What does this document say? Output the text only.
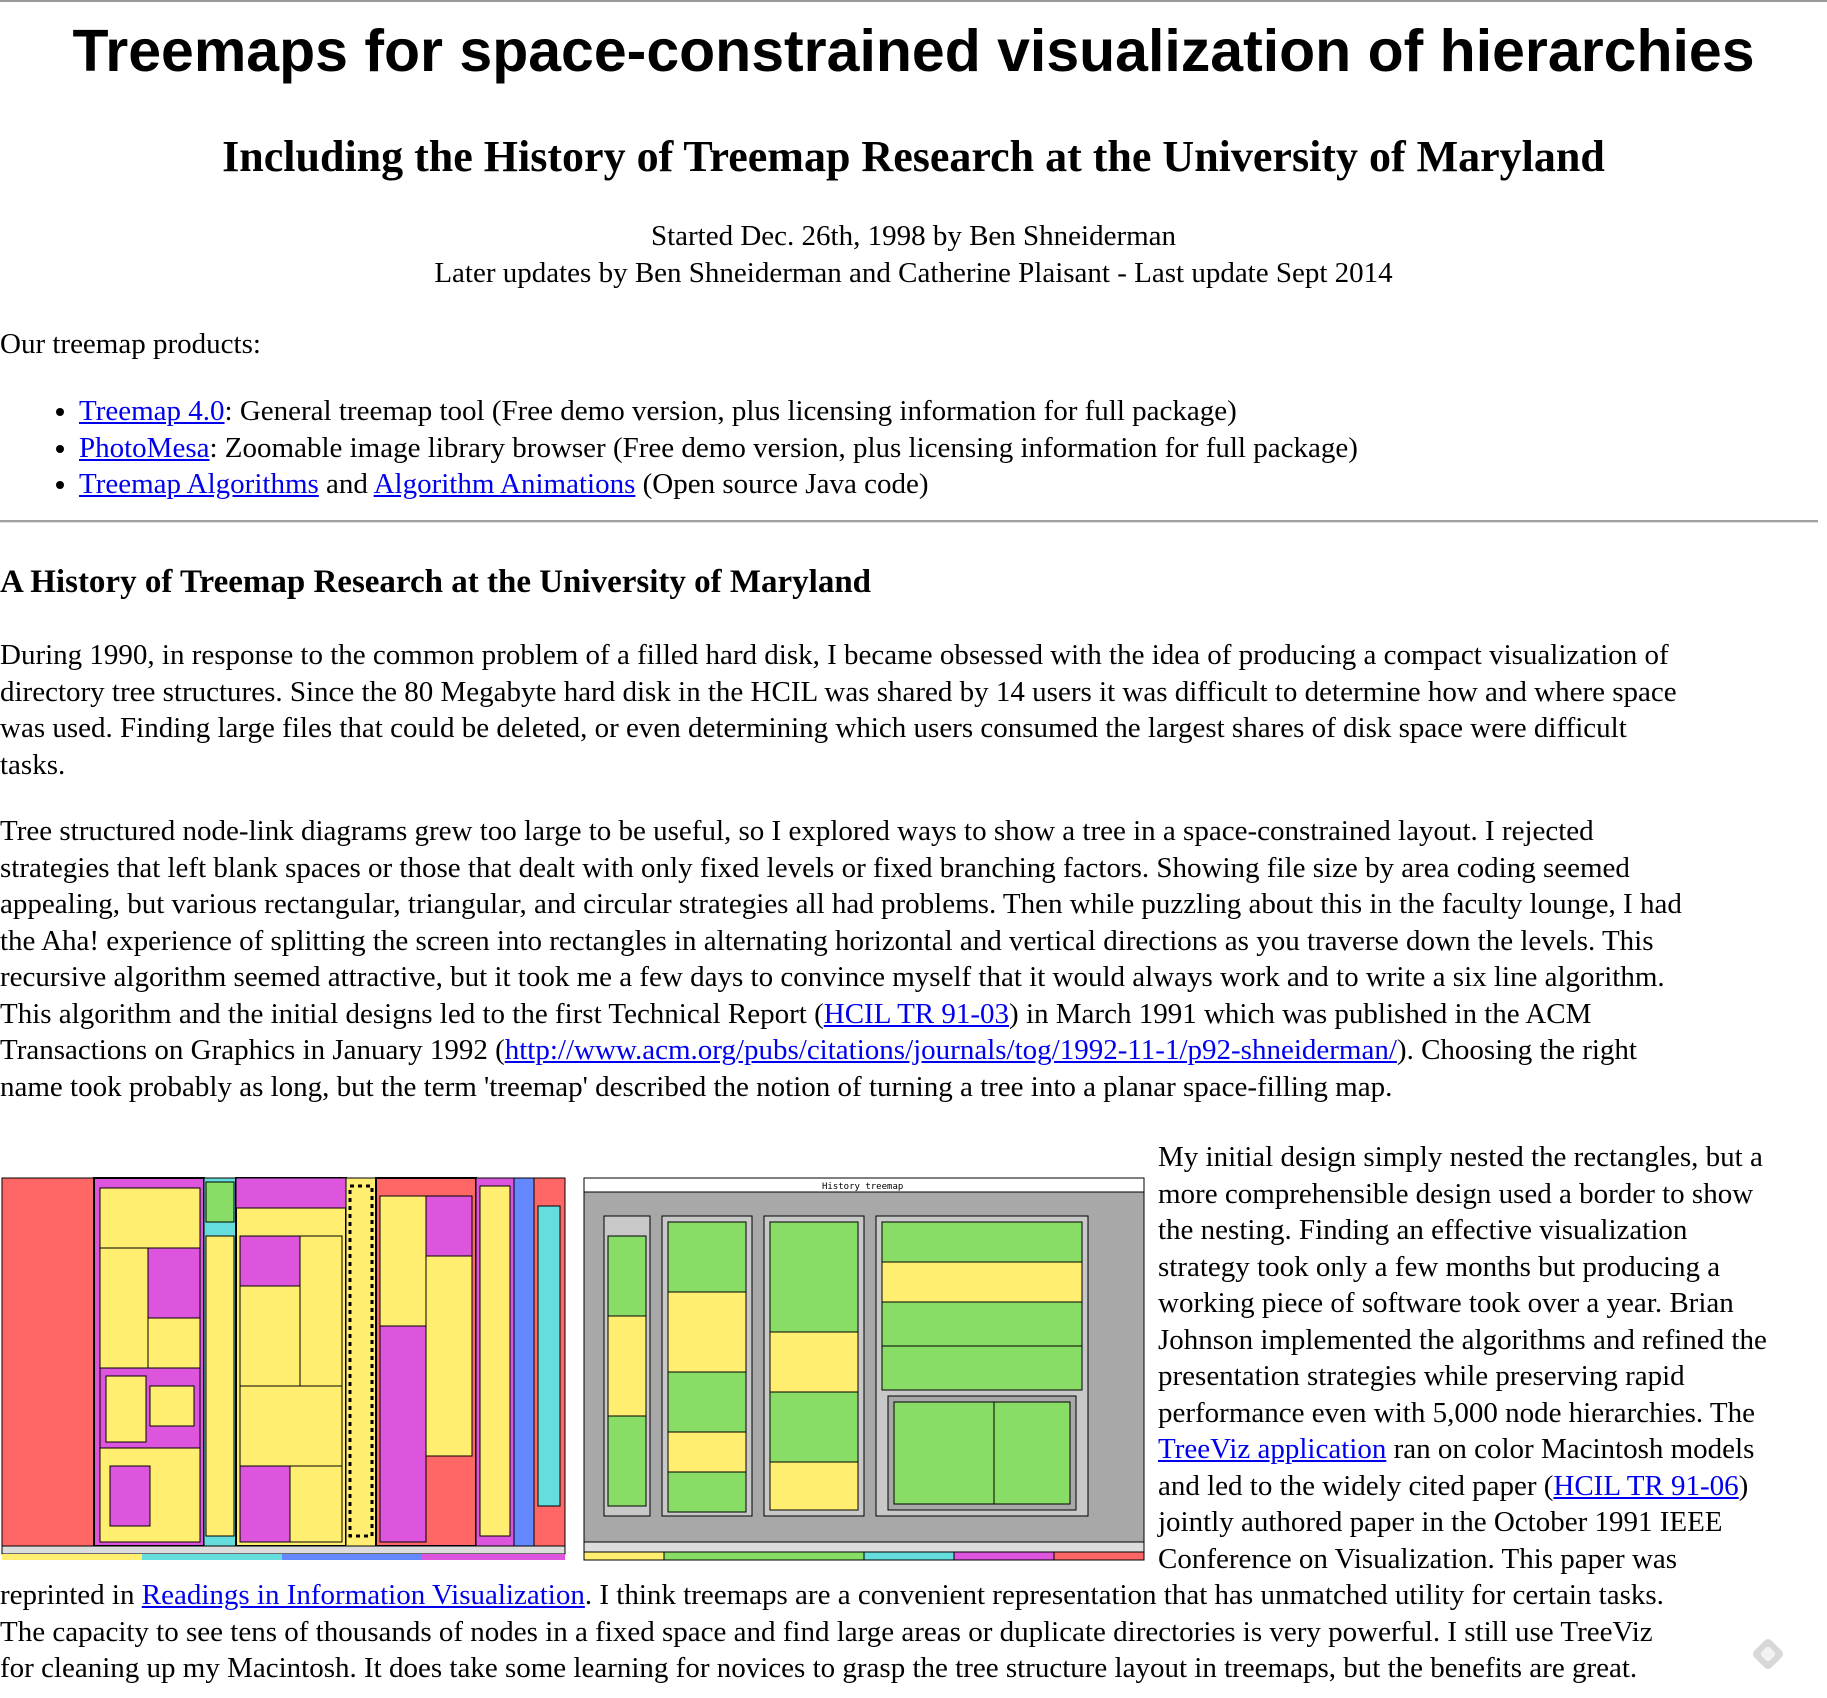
Treemaps for space-constrained visualization of hierarchies
Including the History of Treemap Research at the University of Maryland
Started Dec. 26th, 1998 by Ben Shneiderman
Later updates by Ben Shneiderman and Catherine Plaisant - Last update Sept 2014
Our treemap products:
• Treemap 4.0: General treemap tool (Free demo version, plus licensing information for full package)
• PhotoMesa: Zoomable image library browser (Free demo version, plus licensing information for full package)
• Treemap Algorithms and Algorithm Animations (Open source Java code)
A History of Treemap Research at the University of Maryland
During 1990, in response to the common problem of a filled hard disk, I became obsessed with the idea of producing a compact visualization of
directory tree structures. Since the 80 Megabyte hard disk in the HCIL was shared by 14 users it was difficult to determine how and where space
was used. Finding large files that could be deleted, or even determining which users consumed the largest shares of disk space were difficult
tasks.
Tree structured node-link diagrams grew too large to be useful, so I explored ways to show a tree in a space-constrained layout. I rejected
strategies that left blank spaces or those that dealt with only fixed levels or fixed branching factors. Showing file size by area coding seemed
appealing, but various rectangular, triangular, and circular strategies all had problems. Then while puzzling about this in the faculty lounge, I had
the Aha! experience of splitting the screen into rectangles in alternating horizontal and vertical directions as you traverse down the levels. This
recursive algorithm seemed attractive, but it took me a few days to convince myself that it would always work and to write a six line algorithm.
This algorithm and the initial designs led to the first Technical Report (HCIL TR 91-03) in March 1991 which was published in the ACM
Transactions on Graphics in January 1992 (http://www.acm.org/pubs/citations/journals/tog/1992-11-1/p92-shneiderman/). Choosing the right
name took probably as long, but the term 'treemap' described the notion of turning a tree into a planar space-filling map.
History treemap
My initial design simply nested the rectangles, but a
more comprehensible design used a border to show
the nesting. Finding an effective visualization
strategy took only a few months but producing a
working piece of software took over a year. Brian
Johnson implemented the algorithms and refined the
presentation strategies while preserving rapid
performance even with 5,000 node hierarchies. The
TreeViz application ran on color Macintosh models
and led to the widely cited paper (HCIL TR 91-06)
jointly authored paper in the October 1991 IEEE
Conference on Visualization. This paper was
reprinted in Readings in Information Visualization. I think treemaps are a convenient representation that has unmatched utility for certain tasks.
The capacity to see tens of thousands of nodes in a fixed space and find large areas or duplicate directories is very powerful. I still use TreeViz
for cleaning up my Macintosh. It does take some learning for novices to grasp the tree structure layout in treemaps, but the benefits are great.
